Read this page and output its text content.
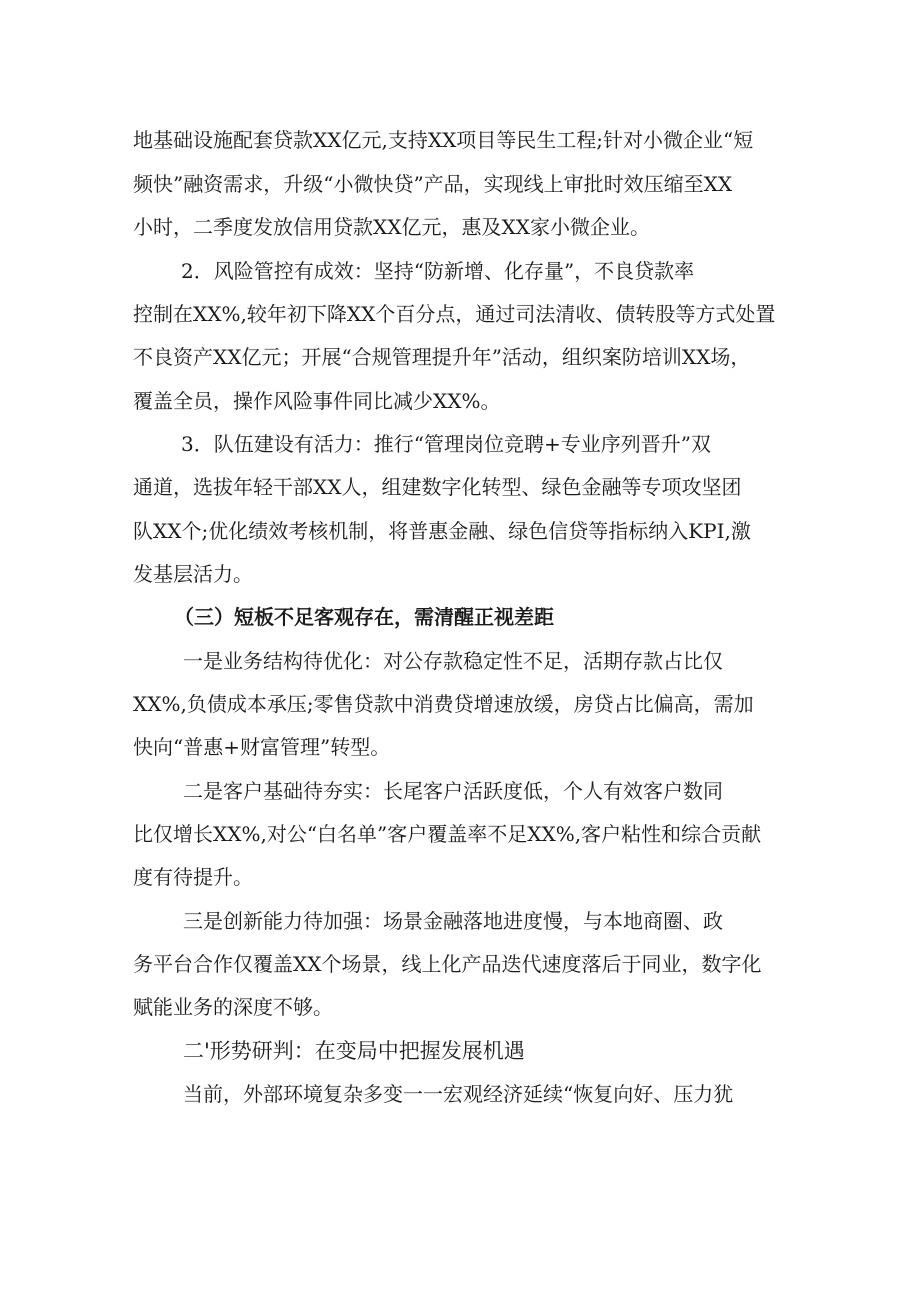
地基础设施配套贷款XX亿元,支持XX项目等民生工程;针对小微企业“短
频快”融资需求，升级“小微快贷”产品，实现线上审批时效压缩至XX
小时，二季度发放信用贷款XX亿元，惠及XX家小微企业。
2．风险管控有成效：坚持“防新增、化存量”，不良贷款率
控制在XX%,较年初下降XX个百分点，通过司法清收、债转股等方式处置
不良资产XX亿元；开展“合规管理提升年”活动，组织案防培训XX场，
覆盖全员，操作风险事件同比减少XX%。
3．队伍建设有活力：推行“管理岗位竞聘+专业序列晋升”双
通道，选拔年轻干部XX人，组建数字化转型、绿色金融等专项攻坚团
队XX个;优化绩效考核机制，将普惠金融、绿色信贷等指标纳入KPI,激
发基层活力。
（三）短板不足客观存在，需清醒正视差距
一是业务结构待优化：对公存款稳定性不足，活期存款占比仅
XX%,负债成本承压;零售贷款中消费贷增速放缓，房贷占比偏高，需加
快向“普惠+财富管理”转型。
二是客户基础待夯实：长尾客户活跃度低，个人有效客户数同
比仅增长XX%,对公“白名单”客户覆盖率不足XX%,客户粘性和综合贡献
度有待提升。
三是创新能力待加强：场景金融落地进度慢，与本地商圈、政
务平台合作仅覆盖XX个场景，线上化产品迭代速度落后于同业，数字化
赋能业务的深度不够。
二'形势研判：在变局中把握发展机遇
当前，外部环境复杂多变一一宏观经济延续“恢复向好、压力犹
